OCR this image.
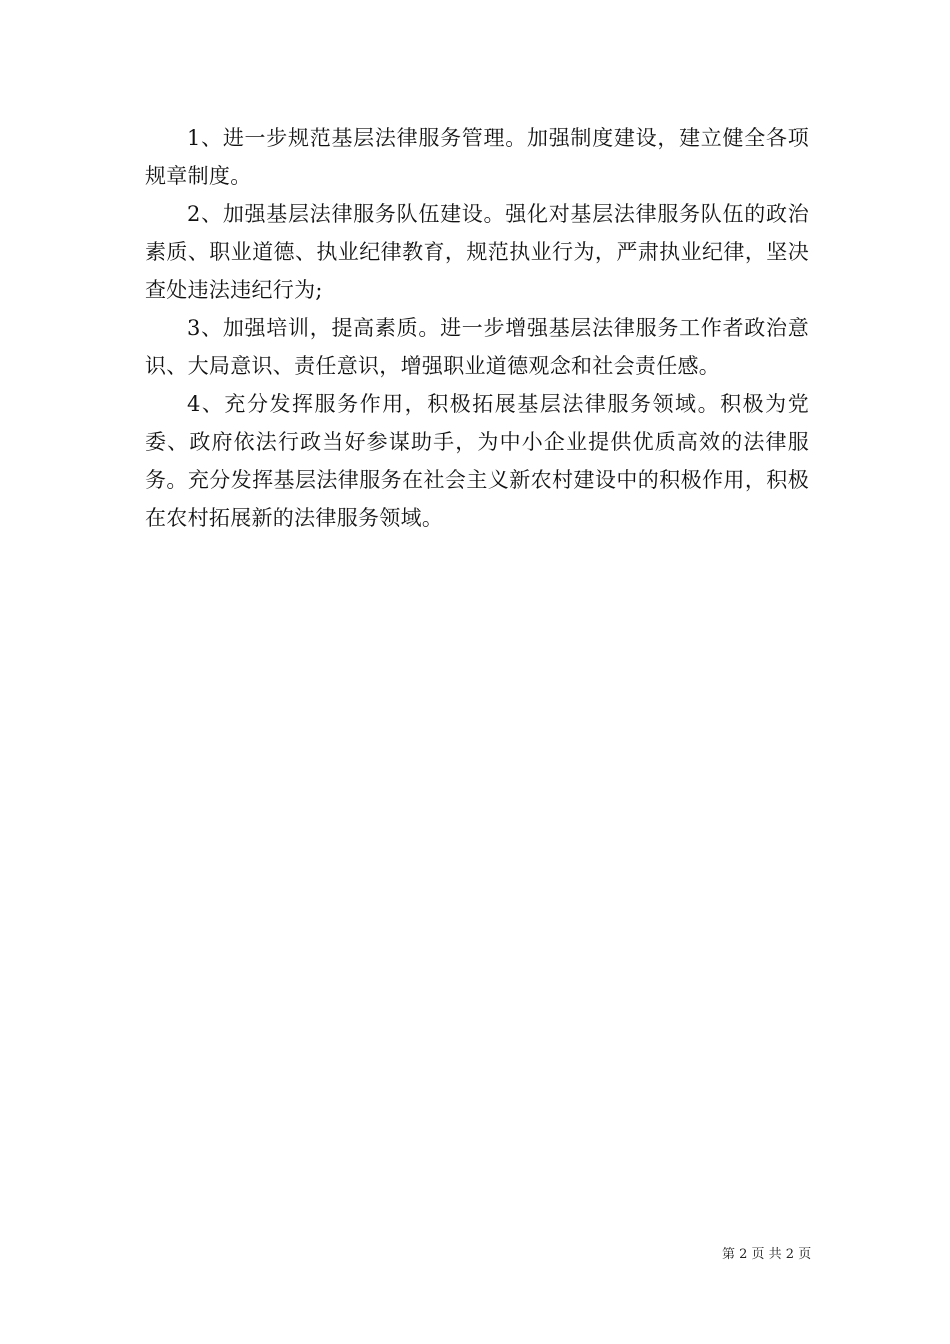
1、进一步规范基层法律服务管理。加强制度建设，建立健全各项规章制度。

2、加强基层法律服务队伍建设。强化对基层法律服务队伍的政治素质、职业道德、执业纪律教育，规范执业行为，严肃执业纪律，坚决查处违法违纪行为;

3、加强培训，提高素质。进一步增强基层法律服务工作者政治意识、大局意识、责任意识，增强职业道德观念和社会责任感。

4、充分发挥服务作用，积极拓展基层法律服务领域。积极为党委、政府依法行政当好参谋助手，为中小企业提供优质高效的法律服务。充分发挥基层法律服务在社会主义新农村建设中的积极作用，积极在农村拓展新的法律服务领域。

第 2 页 共 2 页
